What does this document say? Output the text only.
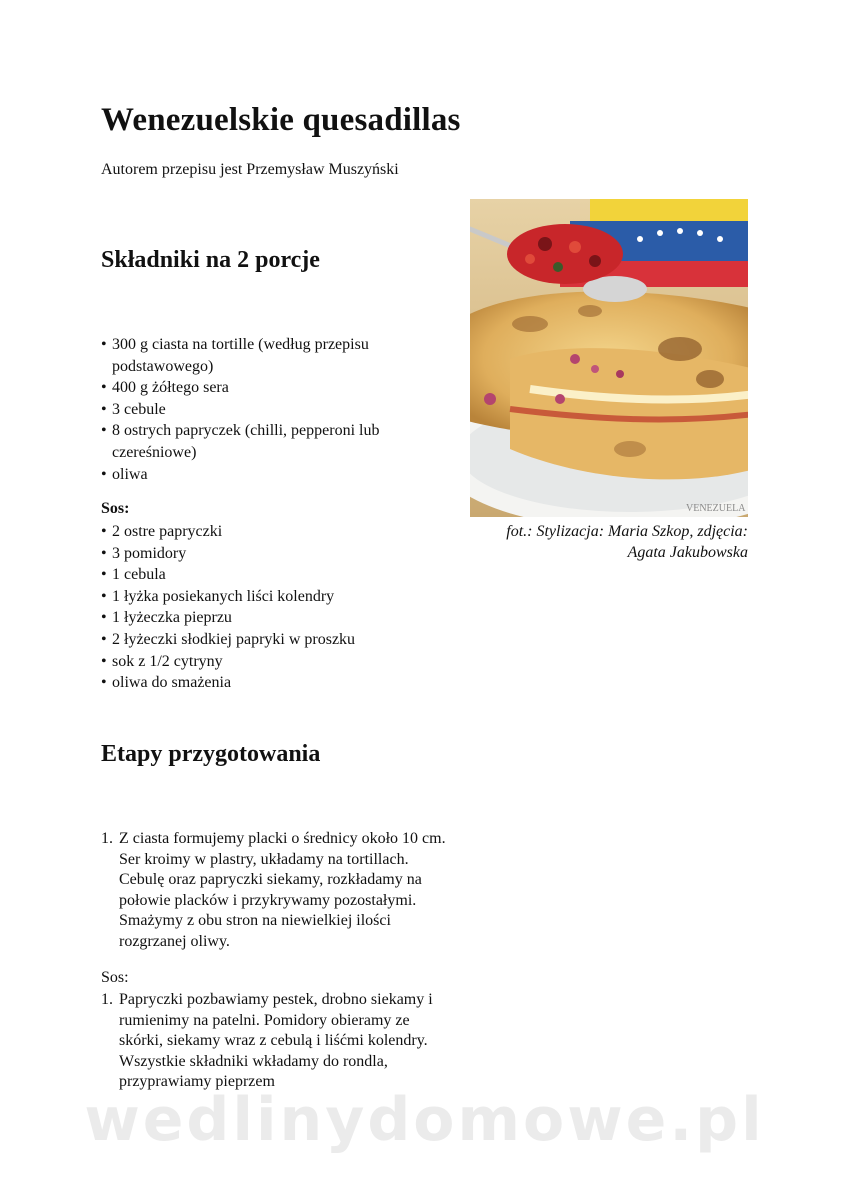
Wenezuelskie quesadillas
Autorem przepisu jest Przemysław Muszyński
Składniki na 2 porcje
• 300 g ciasta na tortille (według przepisu podstawowego)
• 400 g żółtego sera
• 3 cebule
• 8 ostrych papryczek (chilli, pepperoni lub czereśniowe)
• oliwa
Sos:
• 2 ostre papryczki
• 3 pomidory
• 1 cebula
• 1 łyżka posiekanych liści kolendry
• 1 łyżeczka pieprzu
• 2 łyżeczki słodkiej papryki w proszku
• sok z 1/2 cytryny
• oliwa do smażenia
Etapy przygotowania
1. Z ciasta formujemy placki o średnicy około 10 cm. Ser kroimy w plastry, układamy na tortillach. Cebulę oraz papryczki siekamy, rozkładamy na połowie placków i przykrywamy pozostałymi. Smażymy z obu stron na niewielkiej ilości rozgrzanej oliwy.
Sos:
1. Papryczki pozbawiamy pestek, drobno siekamy i rumienimy na patelni. Pomidory obieramy ze skórki, siekamy wraz z cebulą i liśćmi kolendry. Wszystkie składniki wkładamy do rondla, przyprawiamy pieprzem
VENEZUELA
fot.: Stylizacja: Maria Szkop, zdjęcia: Agata Jakubowska
wedlinydomowe.pl
